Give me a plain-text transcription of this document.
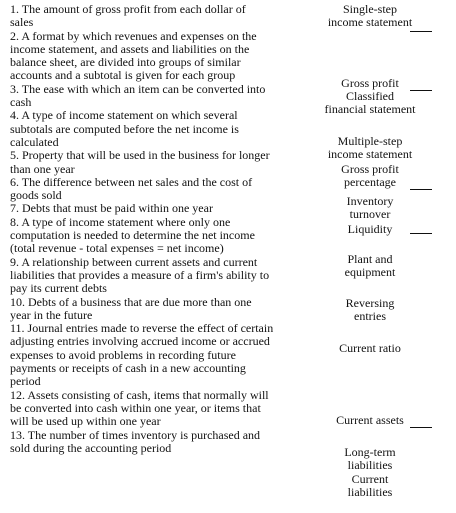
1. The amount of gross profit from each dollar of
sales
2. A format by which revenues and expenses on the
income statement, and assets and liabilities on the
balance sheet, are divided into groups of similar
accounts and a subtotal is given for each group
3. The ease with which an item can be converted into
cash
4. A type of income statement on which several
subtotals are computed before the net income is
calculated
5. Property that will be used in the business for longer
than one year
6. The difference between net sales and the cost of
goods sold
7. Debts that must be paid within one year
8. A type of income statement where only one
computation is needed to determine the net income
(total revenue - total expenses = net income)
9. A relationship between current assets and current
liabilities that provides a measure of a firm's ability to
pay its current debts
10. Debts of a business that are due more than one
year in the future
11. Journal entries made to reverse the effect of certain
adjusting entries involving accrued income or accrued
expenses to avoid problems in recording future
payments or receipts of cash in a new accounting
period
12. Assets consisting of cash, items that normally will
be converted into cash within one year, or items that
will be used up within one year
13. The number of times inventory is purchased and
sold during the accounting period
Single-step
income statement
Gross profit
Classified
financial statement
Multiple-step
income statement
Gross profit
percentage
Inventory
turnover
Liquidity
Plant and
equipment
Reversing
entries
Current ratio
Current assets
Long-term
liabilities
Current
liabilities
